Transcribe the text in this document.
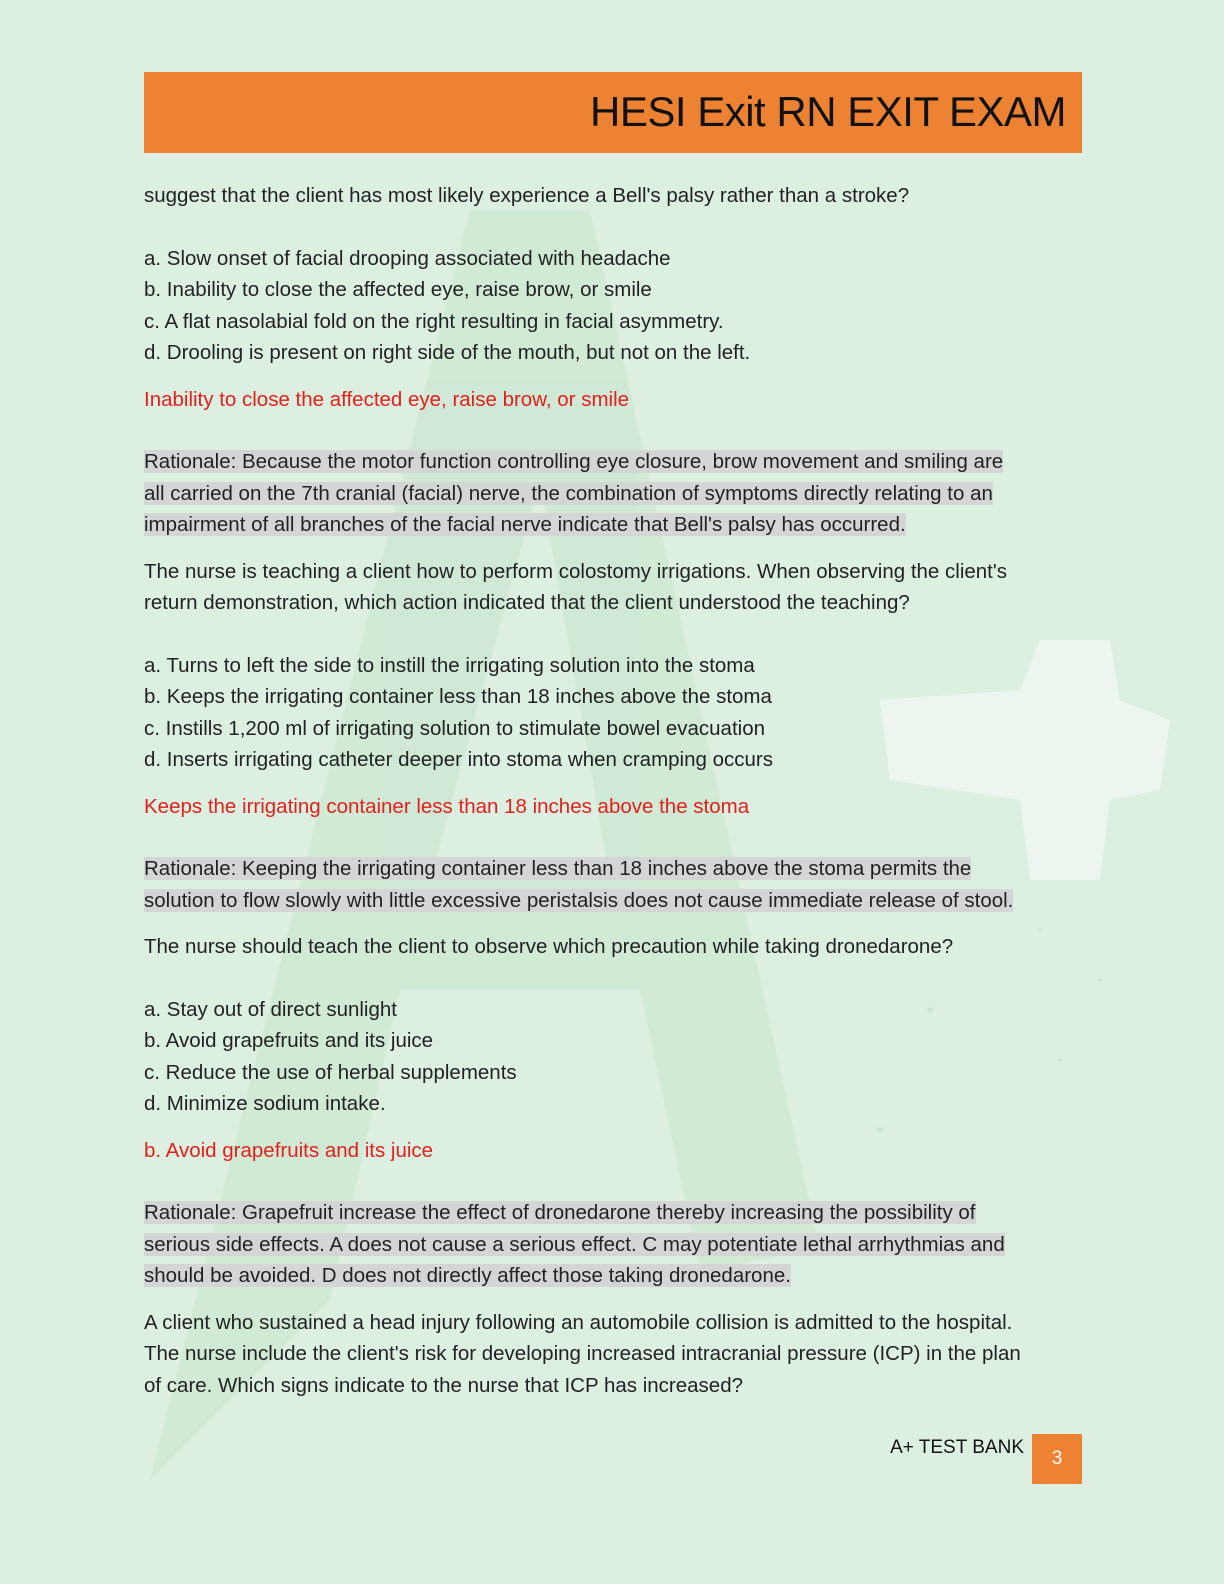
HESI Exit RN EXIT EXAM
suggest that the client has most likely experience a Bell's palsy rather than a stroke?
a. Slow onset of facial drooping associated with headache
b. Inability to close the affected eye, raise brow, or smile
c. A flat nasolabial fold on the right resulting in facial asymmetry.
d. Drooling is present on right side of the mouth, but not on the left.
Inability to close the affected eye, raise brow, or smile
Rationale: Because the motor function controlling eye closure, brow movement and smiling are
all carried on the 7th cranial (facial) nerve, the combination of symptoms directly relating to an
impairment of all branches of the facial nerve indicate that Bell's palsy has occurred.
The nurse is teaching a client how to perform colostomy irrigations. When observing the client's
return demonstration, which action indicated that the client understood the teaching?
a. Turns to left the side to instill the irrigating solution into the stoma
b. Keeps the irrigating container less than 18 inches above the stoma
c. Instills 1,200 ml of irrigating solution to stimulate bowel evacuation
d. Inserts irrigating catheter deeper into stoma when cramping occurs
Keeps the irrigating container less than 18 inches above the stoma
Rationale: Keeping the irrigating container less than 18 inches above the stoma permits the
solution to flow slowly with little excessive peristalsis does not cause immediate release of stool.
The nurse should teach the client to observe which precaution while taking dronedarone?
a. Stay out of direct sunlight
b. Avoid grapefruits and its juice
c. Reduce the use of herbal supplements
d. Minimize sodium intake.
b. Avoid grapefruits and its juice
Rationale: Grapefruit increase the effect of dronedarone thereby increasing the possibility of
serious side effects. A does not cause a serious effect. C may potentiate lethal arrhythmias and
should be avoided. D does not directly affect those taking dronedarone.
A client who sustained a head injury following an automobile collision is admitted to the hospital.
The nurse include the client's risk for developing increased intracranial pressure (ICP) in the plan
of care. Which signs indicate to the nurse that ICP has increased?
A+ TEST BANK
3
